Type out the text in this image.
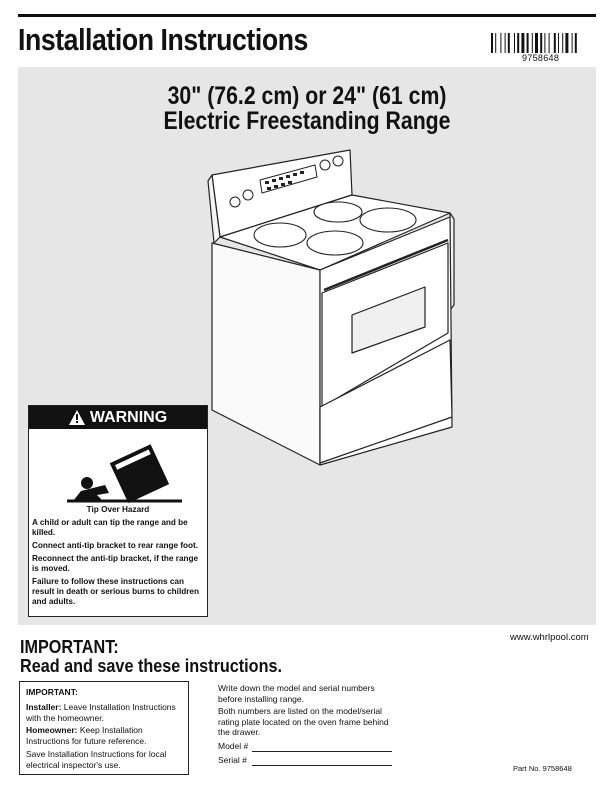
Installation Instructions
9758648
30" (76.2 cm) or 24" (61 cm)
Electric Freestanding Range
WARNING
Tip Over Hazard

A child or adult can tip the range and be killed.

Connect anti-tip bracket to rear range foot.

Reconnect the anti-tip bracket, if the range is moved.

Failure to follow these instructions can result in death or serious burns to children and adults.

www.whrlpool.com
IMPORTANT:
Read and save these instructions.
IMPORTANT:

Installer: Leave Installation Instructions with the homeowner.

Homeowner: Keep Installation Instructions for future reference.

Save Installation Instructions for local electrical inspector's use.

Write down the model and serial numbers before installing range.

Both numbers are listed on the model/serial rating plate located on the oven frame behind the drawer.

Model #
Serial #
Part No. 9758648
